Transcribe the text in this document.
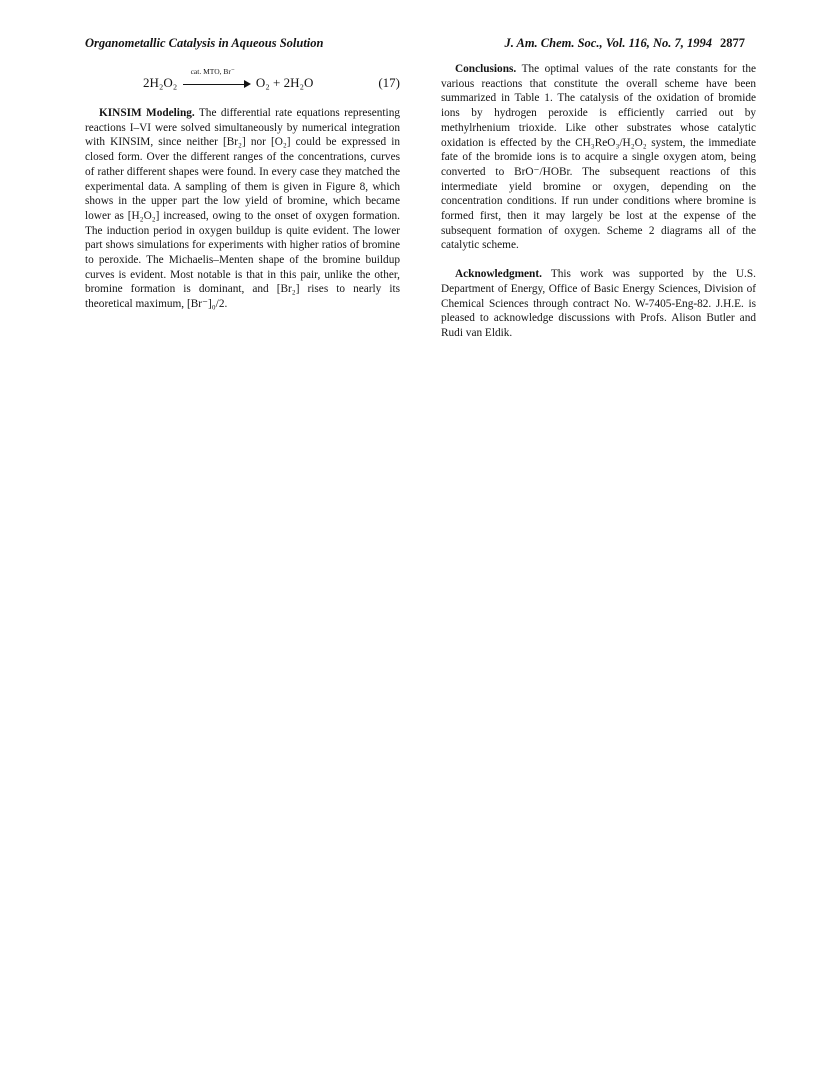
Organometallic Catalysis in Aqueous Solution	J. Am. Chem. Soc., Vol. 116, No. 7, 1994 2877
2H₂O₂
cat. MTO, Br⁻
O₂ + 2H₂O	(17)

KINSIM Modeling. The differential rate equations representing reactions I–VI were solved simultaneously by numerical integration with KINSIM, since neither [Br₂] nor [O₂] could be expressed in closed form. Over the different ranges of the concentrations, curves of rather different shapes were found. In every case they matched the experimental data. A sampling of them is given in Figure 8, which shows in the upper part the low yield of bromine, which became lower as [H₂O₂] increased, owing to the onset of oxygen formation. The induction period in oxygen buildup is quite evident. The lower part shows simulations for experiments with higher ratios of bromine to peroxide. The Michaelis–Menten shape of the bromine buildup curves is evident. Most notable is that in this pair, unlike the other, bromine formation is dominant, and [Br₂] rises to nearly its theoretical maximum, [Br⁻]₀/2.

Conclusions. The optimal values of the rate constants for the various reactions that constitute the overall scheme have been summarized in Table 1. The catalysis of the oxidation of bromide ions by hydrogen peroxide is efficiently carried out by methylrhenium trioxide. Like other substrates whose catalytic oxidation is effected by the CH₃ReO₃/H₂O₂ system, the immediate fate of the bromide ions is to acquire a single oxygen atom, being converted to BrO⁻/HOBr. The subsequent reactions of this intermediate yield bromine or oxygen, depending on the concentration conditions. If run under conditions where bromine is formed first, then it may largely be lost at the expense of the subsequent formation of oxygen. Scheme 2 diagrams all of the catalytic scheme.

Acknowledgment. This work was supported by the U.S. Department of Energy, Office of Basic Energy Sciences, Division of Chemical Sciences through contract No. W-7405-Eng-82. J.H.E. is pleased to acknowledge discussions with Profs. Alison Butler and Rudi van Eldik.
